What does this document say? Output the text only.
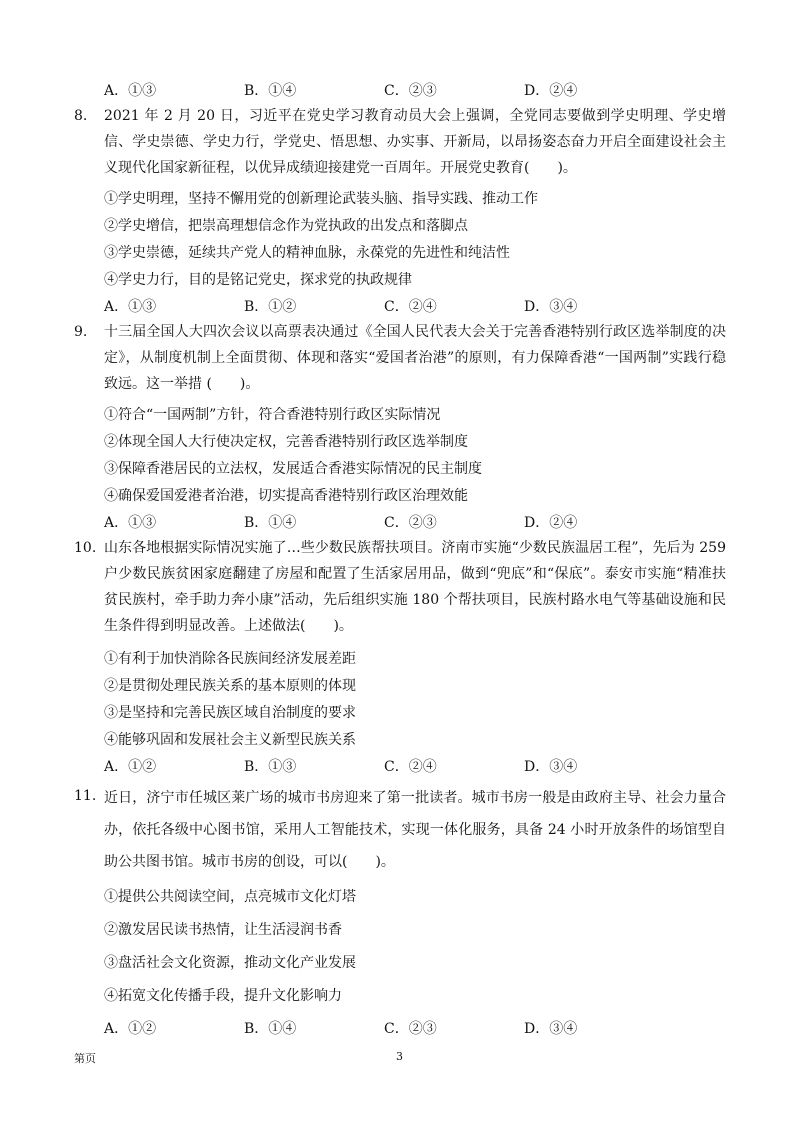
A．①③	B．①④	C．②③	D．②④
8. 2021 年 2 月 20 日，习近平在党史学习教育动员大会上强调，全党同志要做到学史明理、学史增信、学史崇德、学史力行，学党史、悟思想、办实事、开新局，以昂扬姿态奋力开启全面建设社会主义现代化国家新征程，以优异成绩迎接建党一百周年。开展党史教育(　　)。
①学史明理，坚持不懈用党的创新理论武装头脑、指导实践、推动工作
②学史增信，把崇高理想信念作为党执政的出发点和落脚点
③学史崇德，延续共产党人的精神血脉，永葆党的先进性和纯洁性
④学史力行，目的是铭记党史，探求党的执政规律
A．①③	B．①②	C．②④	D．③④
9. 十三届全国人大四次会议以高票表决通过《全国人民代表大会关于完善香港特别行政区选举制度的决定》，从制度机制上全面贯彻、体现和落实“爱国者治港”的原则，有力保障香港“一国两制”实践行稳致远。这一举措 (　　)。
①符合“一国两制”方针，符合香港特别行政区实际情况
②体现全国人大行使决定权，完善香港特别行政区选举制度
③保障香港居民的立法权，发展适合香港实际情况的民主制度
④确保爱国爱港者治港，切实提高香港特别行政区治理效能
A．①③	B．①④	C．②③	D．②④
10. 山东各地根据实际情况实施了…些少数民族帮扶项目。济南市实施“少数民族温居工程”，先后为 259 户少数民族贫困家庭翻建了房屋和配置了生活家居用品，做到“兜底”和“保底”。泰安市实施“精准扶贫民族村，牵手助力奔小康”活动，先后组织实施 180 个帮扶项目，民族村路水电气等基础设施和民生条件得到明显改善。上述做法(　　)。
①有利于加快消除各民族间经济发展差距
②是贯彻处理民族关系的基本原则的体现
③是坚持和完善民族区域自治制度的要求
④能够巩固和发展社会主义新型民族关系
A．①②	B．①③	C．②④	D．③④
11. 近日，济宁市任城区莱广场的城市书房迎来了第一批读者。城市书房一般是由政府主导、社会力量合办，依托各级中心图书馆，采用人工智能技术，实现一体化服务，具备 24 小时开放条件的场馆型自助公共图书馆。城市书房的创设，可以(　　)。
①提供公共阅读空间，点亮城市文化灯塔
②激发居民读书热情，让生活浸润书香
③盘活社会文化资源，推动文化产业发展
④拓宽文化传播手段，提升文化影响力
A．①②	B．①④	C．②③	D．③④
第页	3
